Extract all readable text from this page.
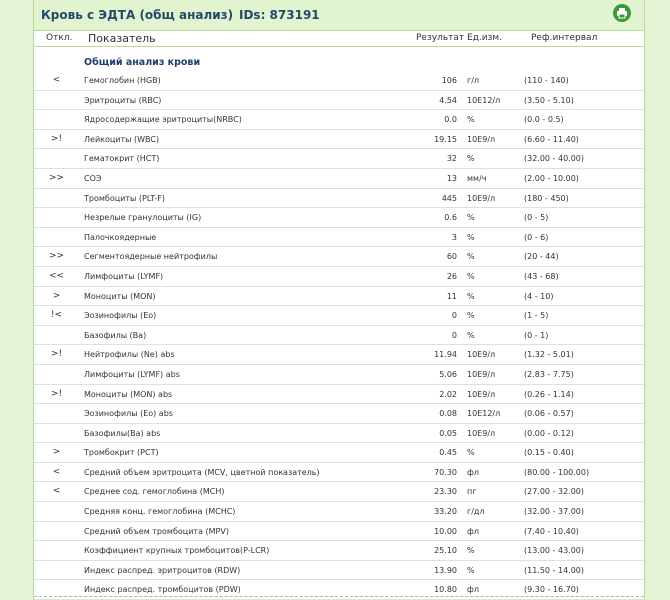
Кровь с ЭДТА (общ анализ) IDs: 873191
Откл. Показатель	Результат Ед.изм.	Реф.интервал
Общий анализ крови
<	Гемоглобин (HGB)	106 г/л	(110 - 140)
Эритроциты (RBC)	4.54 10E12/л	(3.50 - 5.10)
Ядросодержащие эритроциты(NRBC)	0.0 %	(0.0 - 0.5)
>!	Лейкоциты (WBC)	19.15 10E9/л	(6.60 - 11.40)
Гематокрит (HCT)	32 %	(32.00 - 40.00)
>>	СОЭ	13 мм/ч	(2.00 - 10.00)
Тромбоциты (PLT-F)	445 10E9/л	(180 - 450)
Незрелые гранулоциты (IG)	0.6 %	(0 - 5)
Палочкоядерные	3 %	(0 - 6)
>>	Сегментоядерные нейтрофилы	60 %	(20 - 44)
<<	Лимфоциты (LYMF)	26 %	(43 - 68)
>	Моноциты (MON)	11 %	(4 - 10)
!<	Эозинофилы (Eo)	0 %	(1 - 5)
Базофилы (Ba)	0 %	(0 - 1)
>!	Нейтрофилы (Ne) abs	11.94 10E9/л	(1.32 - 5.01)
Лимфоциты (LYMF) abs	5.06 10E9/л	(2.83 - 7.75)
>!	Моноциты (MON) abs	2.02 10E9/л	(0.26 - 1.14)
Эозинофилы (Eo) abs	0.08 10E12/л	(0.06 - 0.57)
Базофилы(Ba) abs	0.05 10E9/л	(0.00 - 0.12)
>	Тромбокрит (PCT)	0.45 %	(0.15 - 0.40)
<	Средний объем эритроцита (MCV, цветной показатель)	70.30 фл	(80.00 - 100.00)
<	Среднее сод. гемоглобина (MCH)	23.30 пг	(27.00 - 32.00)
Средняя конц. гемоглобина (MCHC)	33.20 г/дл	(32.00 - 37.00)
Средний объем тромбоцита (MPV)	10.00 фл	(7.40 - 10.40)
Коэффициент крупных тромбоцитов(P-LCR)	25.10 %	(13.00 - 43.00)
Индекс распред. эритроцитов (RDW)	13.90 %	(11.50 - 14.00)
Индекс распред. тромбоцитов (PDW)	10.80 фл	(9.30 - 16.70)
